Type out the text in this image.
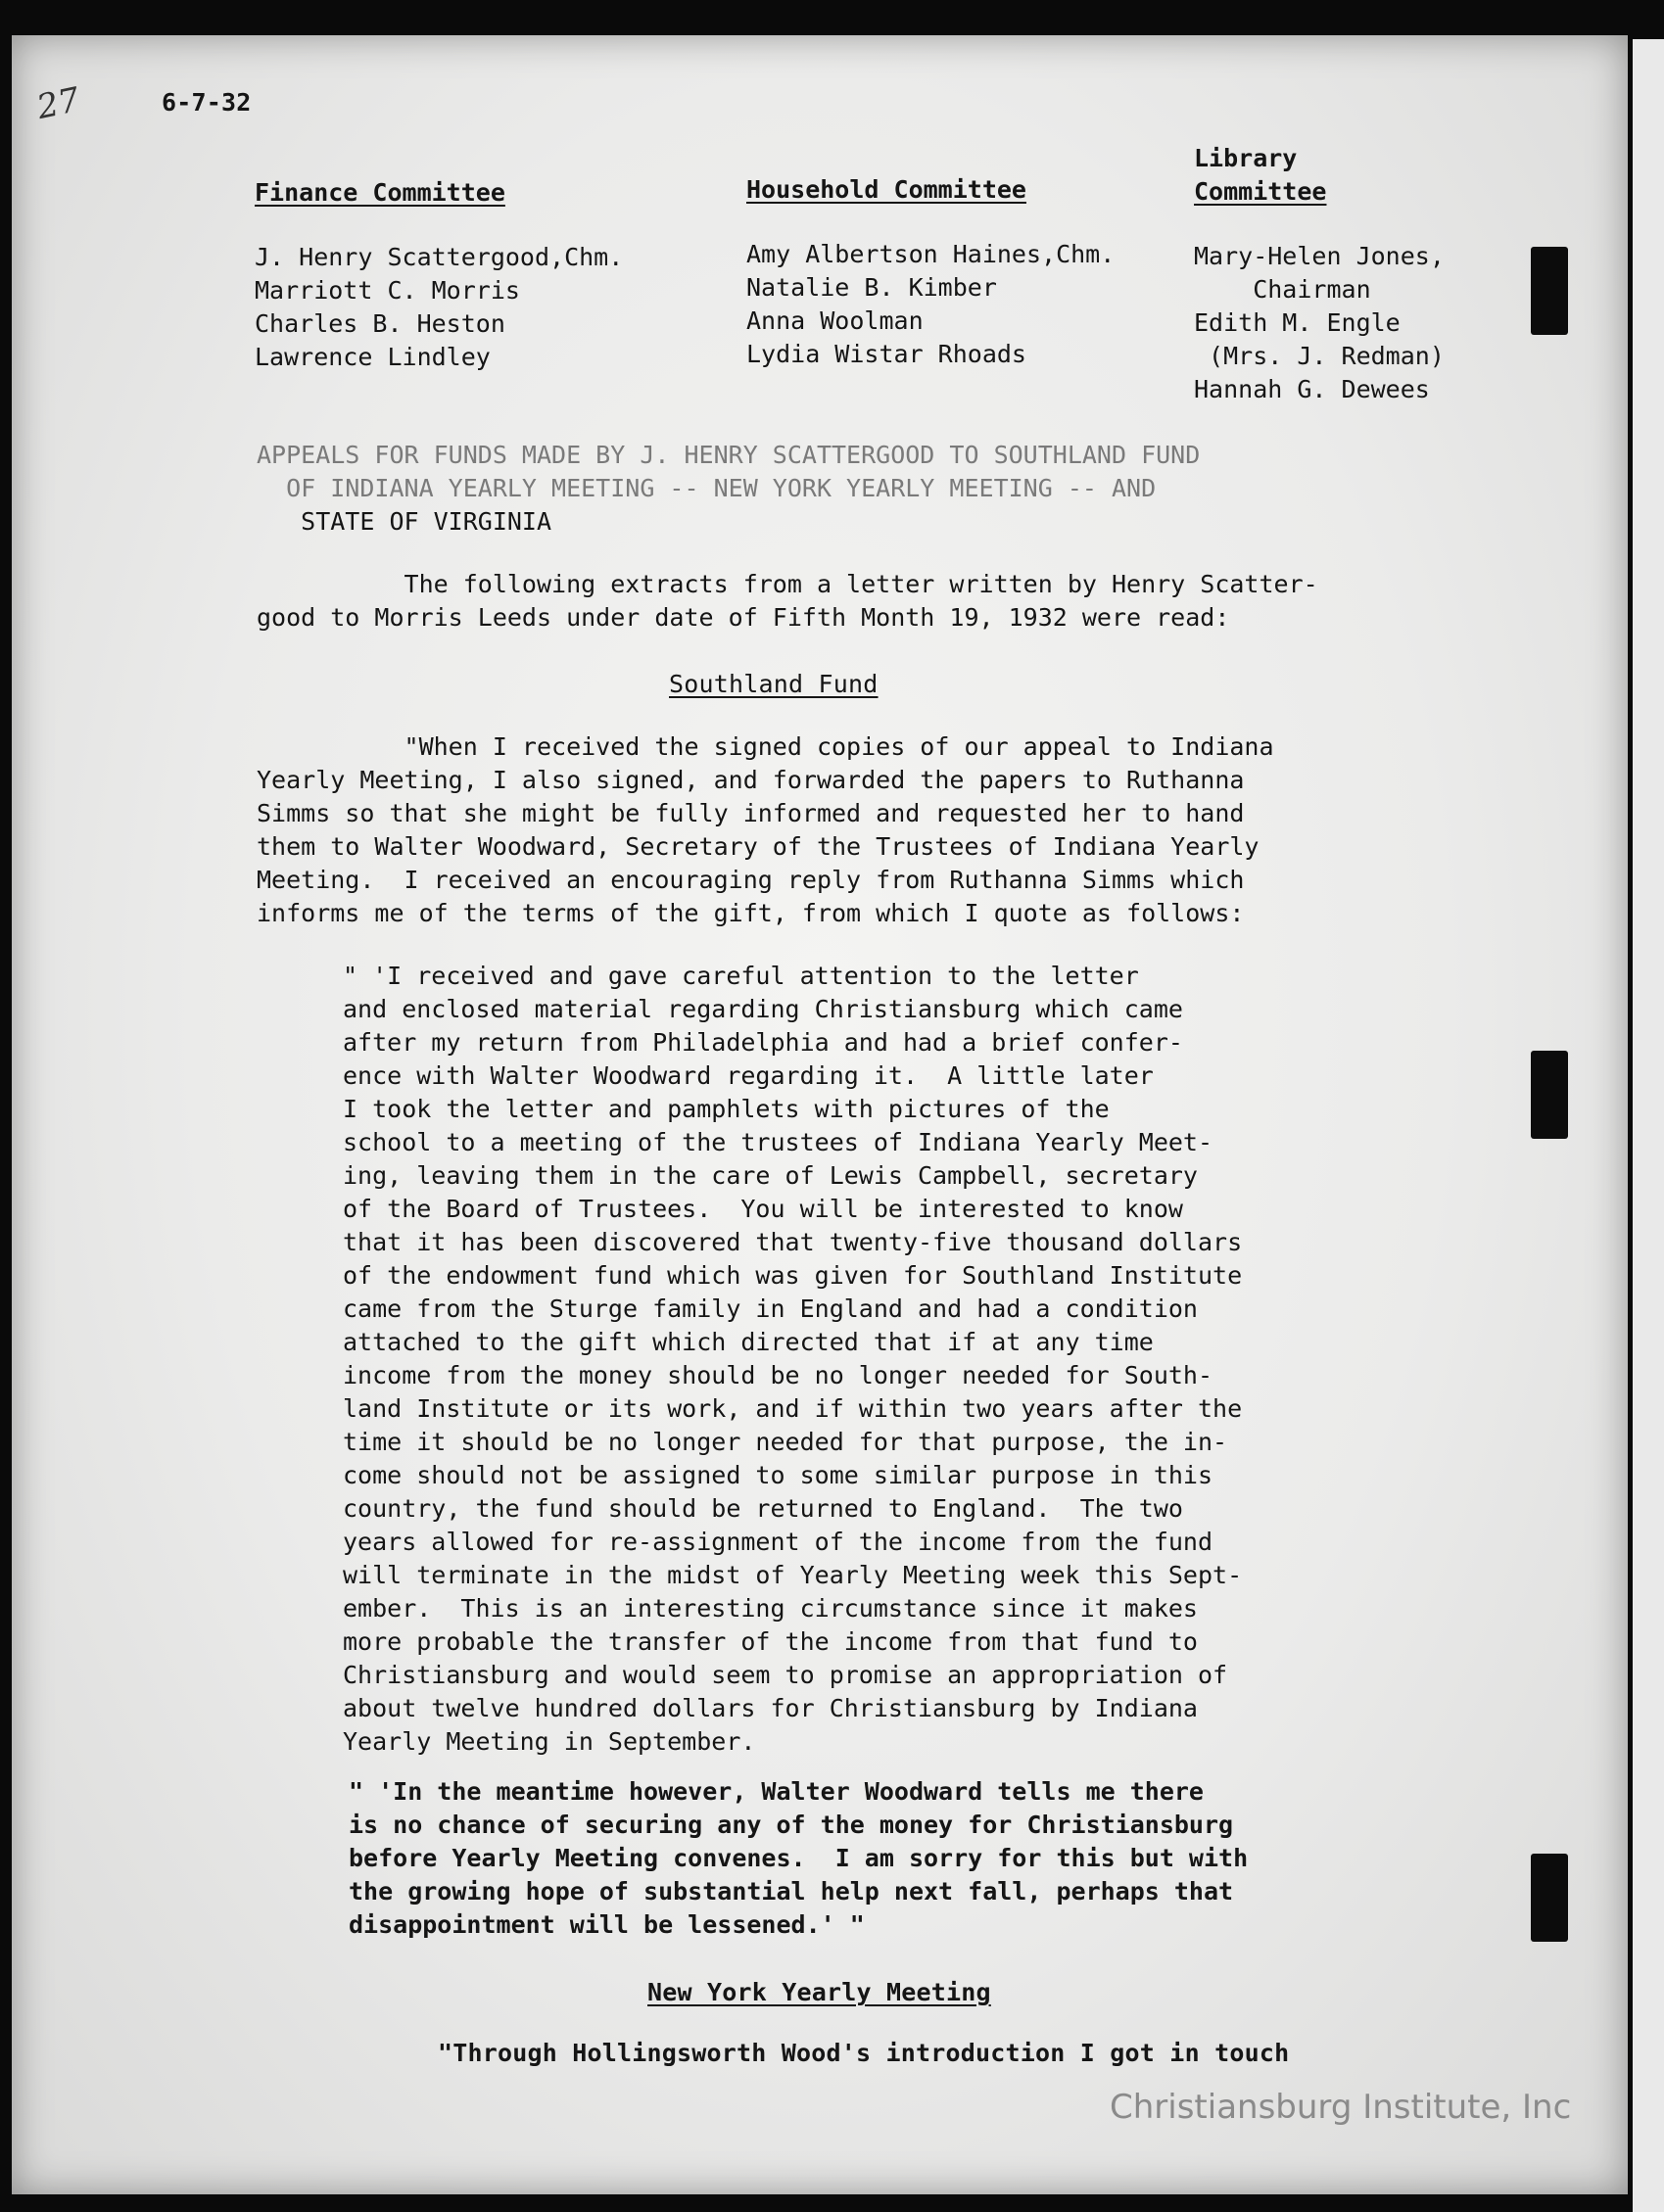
27	6-7-32
Finance Committee
J. Henry Scattergood,Chm.
Marriott C. Morris
Charles B. Heston
Lawrence Lindley
Household Committee
Amy Albertson Haines,Chm.
Natalie B. Kimber
Anna Woolman
Lydia Wistar Rhoads
Library
Committee
Mary-Helen Jones,
Chairman
Edith M. Engle
(Mrs. J. Redman)
Hannah G. Dewees
APPEALS FOR FUNDS MADE BY J. HENRY SCATTERGOOD TO SOUTHLAND FUND
OF INDIANA YEARLY MEETING -- NEW YORK YEARLY MEETING -- AND
STATE OF VIRGINIA
The following extracts from a letter written by Henry Scatter-
good to Morris Leeds under date of Fifth Month 19, 1932 were read:
Southland Fund
"When I received the signed copies of our appeal to Indiana
Yearly Meeting, I also signed, and forwarded the papers to Ruthanna
Simms so that she might be fully informed and requested her to hand
them to Walter Woodward, Secretary of the Trustees of Indiana Yearly
Meeting.  I received an encouraging reply from Ruthanna Simms which
informs me of the terms of the gift, from which I quote as follows:
" 'I received and gave careful attention to the letter
and enclosed material regarding Christiansburg which came
after my return from Philadelphia and had a brief confer-
ence with Walter Woodward regarding it.  A little later
I took the letter and pamphlets with pictures of the
school to a meeting of the trustees of Indiana Yearly Meet-
ing, leaving them in the care of Lewis Campbell, secretary
of the Board of Trustees.  You will be interested to know
that it has been discovered that twenty-five thousand dollars
of the endowment fund which was given for Southland Institute
came from the Sturge family in England and had a condition
attached to the gift which directed that if at any time
income from the money should be no longer needed for South-
land Institute or its work, and if within two years after the
time it should be no longer needed for that purpose, the in-
come should not be assigned to some similar purpose in this
country, the fund should be returned to England.  The two
years allowed for re-assignment of the income from the fund
will terminate in the midst of Yearly Meeting week this Sept-
ember.  This is an interesting circumstance since it makes
more probable the transfer of the income from that fund to
Christiansburg and would seem to promise an appropriation of
about twelve hundred dollars for Christiansburg by Indiana
Yearly Meeting in September.
" 'In the meantime however, Walter Woodward tells me there
is no chance of securing any of the money for Christiansburg
before Yearly Meeting convenes.  I am sorry for this but with
the growing hope of substantial help next fall, perhaps that
disappointment will be lessened.' "
New York Yearly Meeting
"Through Hollingsworth Wood's introduction I got in touch
Christiansburg Institute, Inc
